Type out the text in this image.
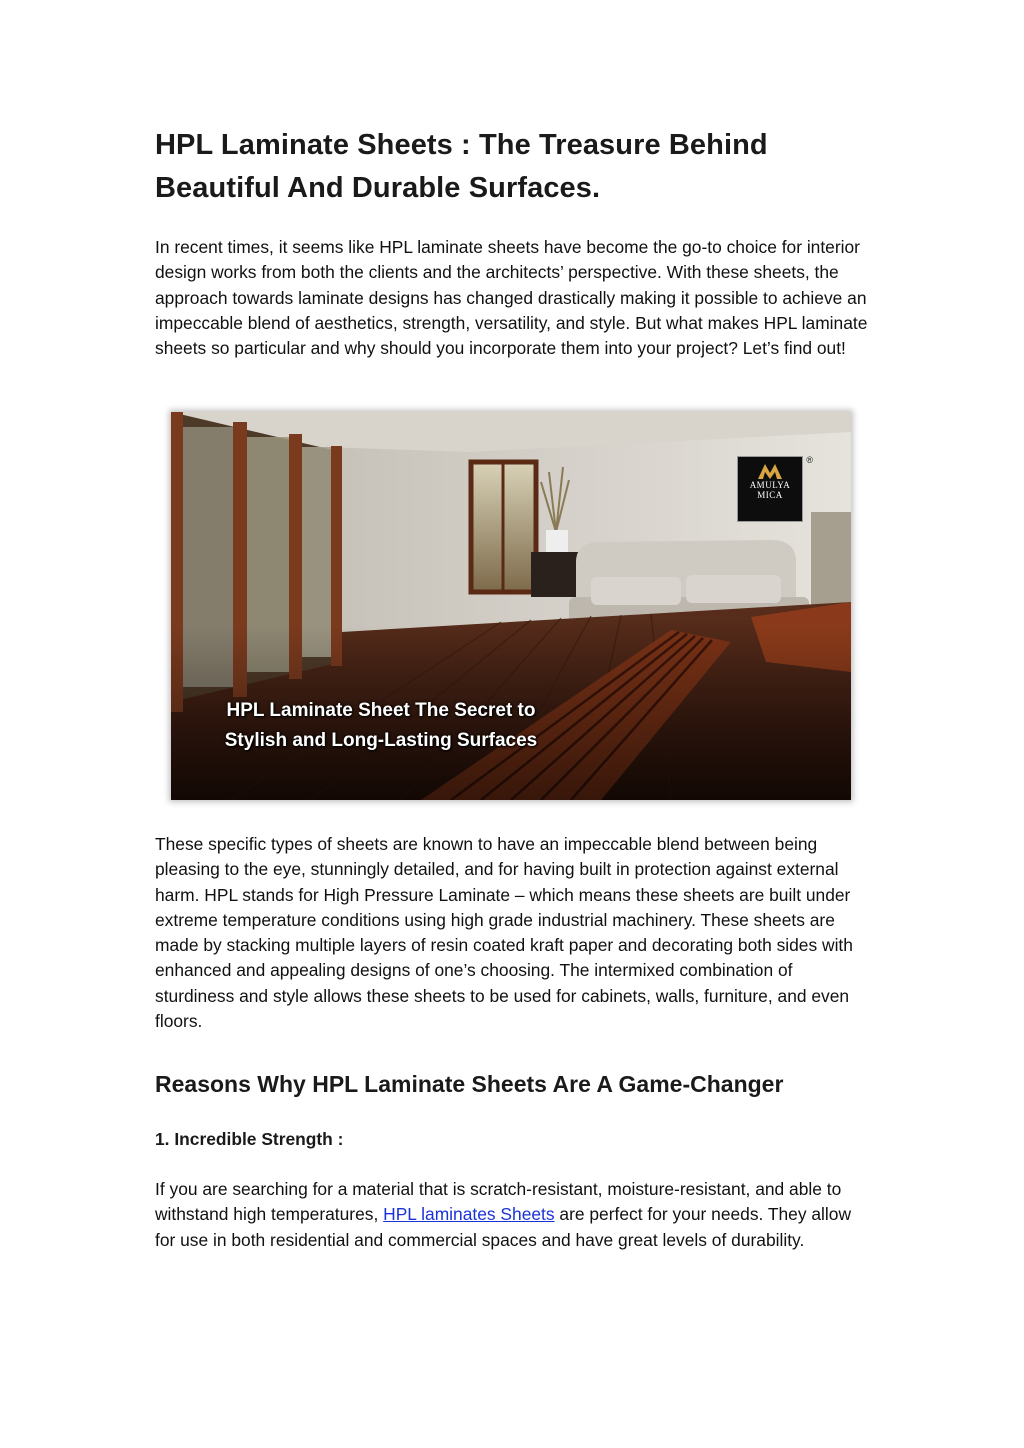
HPL Laminate Sheets : The Treasure Behind
Beautiful And Durable Surfaces.

In recent times, it seems like HPL laminate sheets have become the go-to choice for interior design works from both the clients and the architects’ perspective. With these sheets, the approach towards laminate designs has changed drastically making it possible to achieve an impeccable blend of aesthetics, strength, versatility, and style. But what makes HPL laminate sheets so particular and why should you incorporate them into your project? Let’s find out!

AMULYA
MICA
®
HPL Laminate Sheet The Secret to
Stylish and Long-Lasting Surfaces

These specific types of sheets are known to have an impeccable blend between being pleasing to the eye, stunningly detailed, and for having built in protection against external harm. HPL stands for High Pressure Laminate – which means these sheets are built under extreme temperature conditions using high grade industrial machinery. These sheets are made by stacking multiple layers of resin coated kraft paper and decorating both sides with enhanced and appealing designs of one’s choosing. The intermixed combination of sturdiness and style allows these sheets to be used for cabinets, walls, furniture, and even floors.

Reasons Why HPL Laminate Sheets Are A Game-Changer
1. Incredible Strength :

If you are searching for a material that is scratch-resistant, moisture-resistant, and able to withstand high temperatures, HPL laminates Sheets are perfect for your needs. They allow for use in both residential and commercial spaces and have great levels of durability.
